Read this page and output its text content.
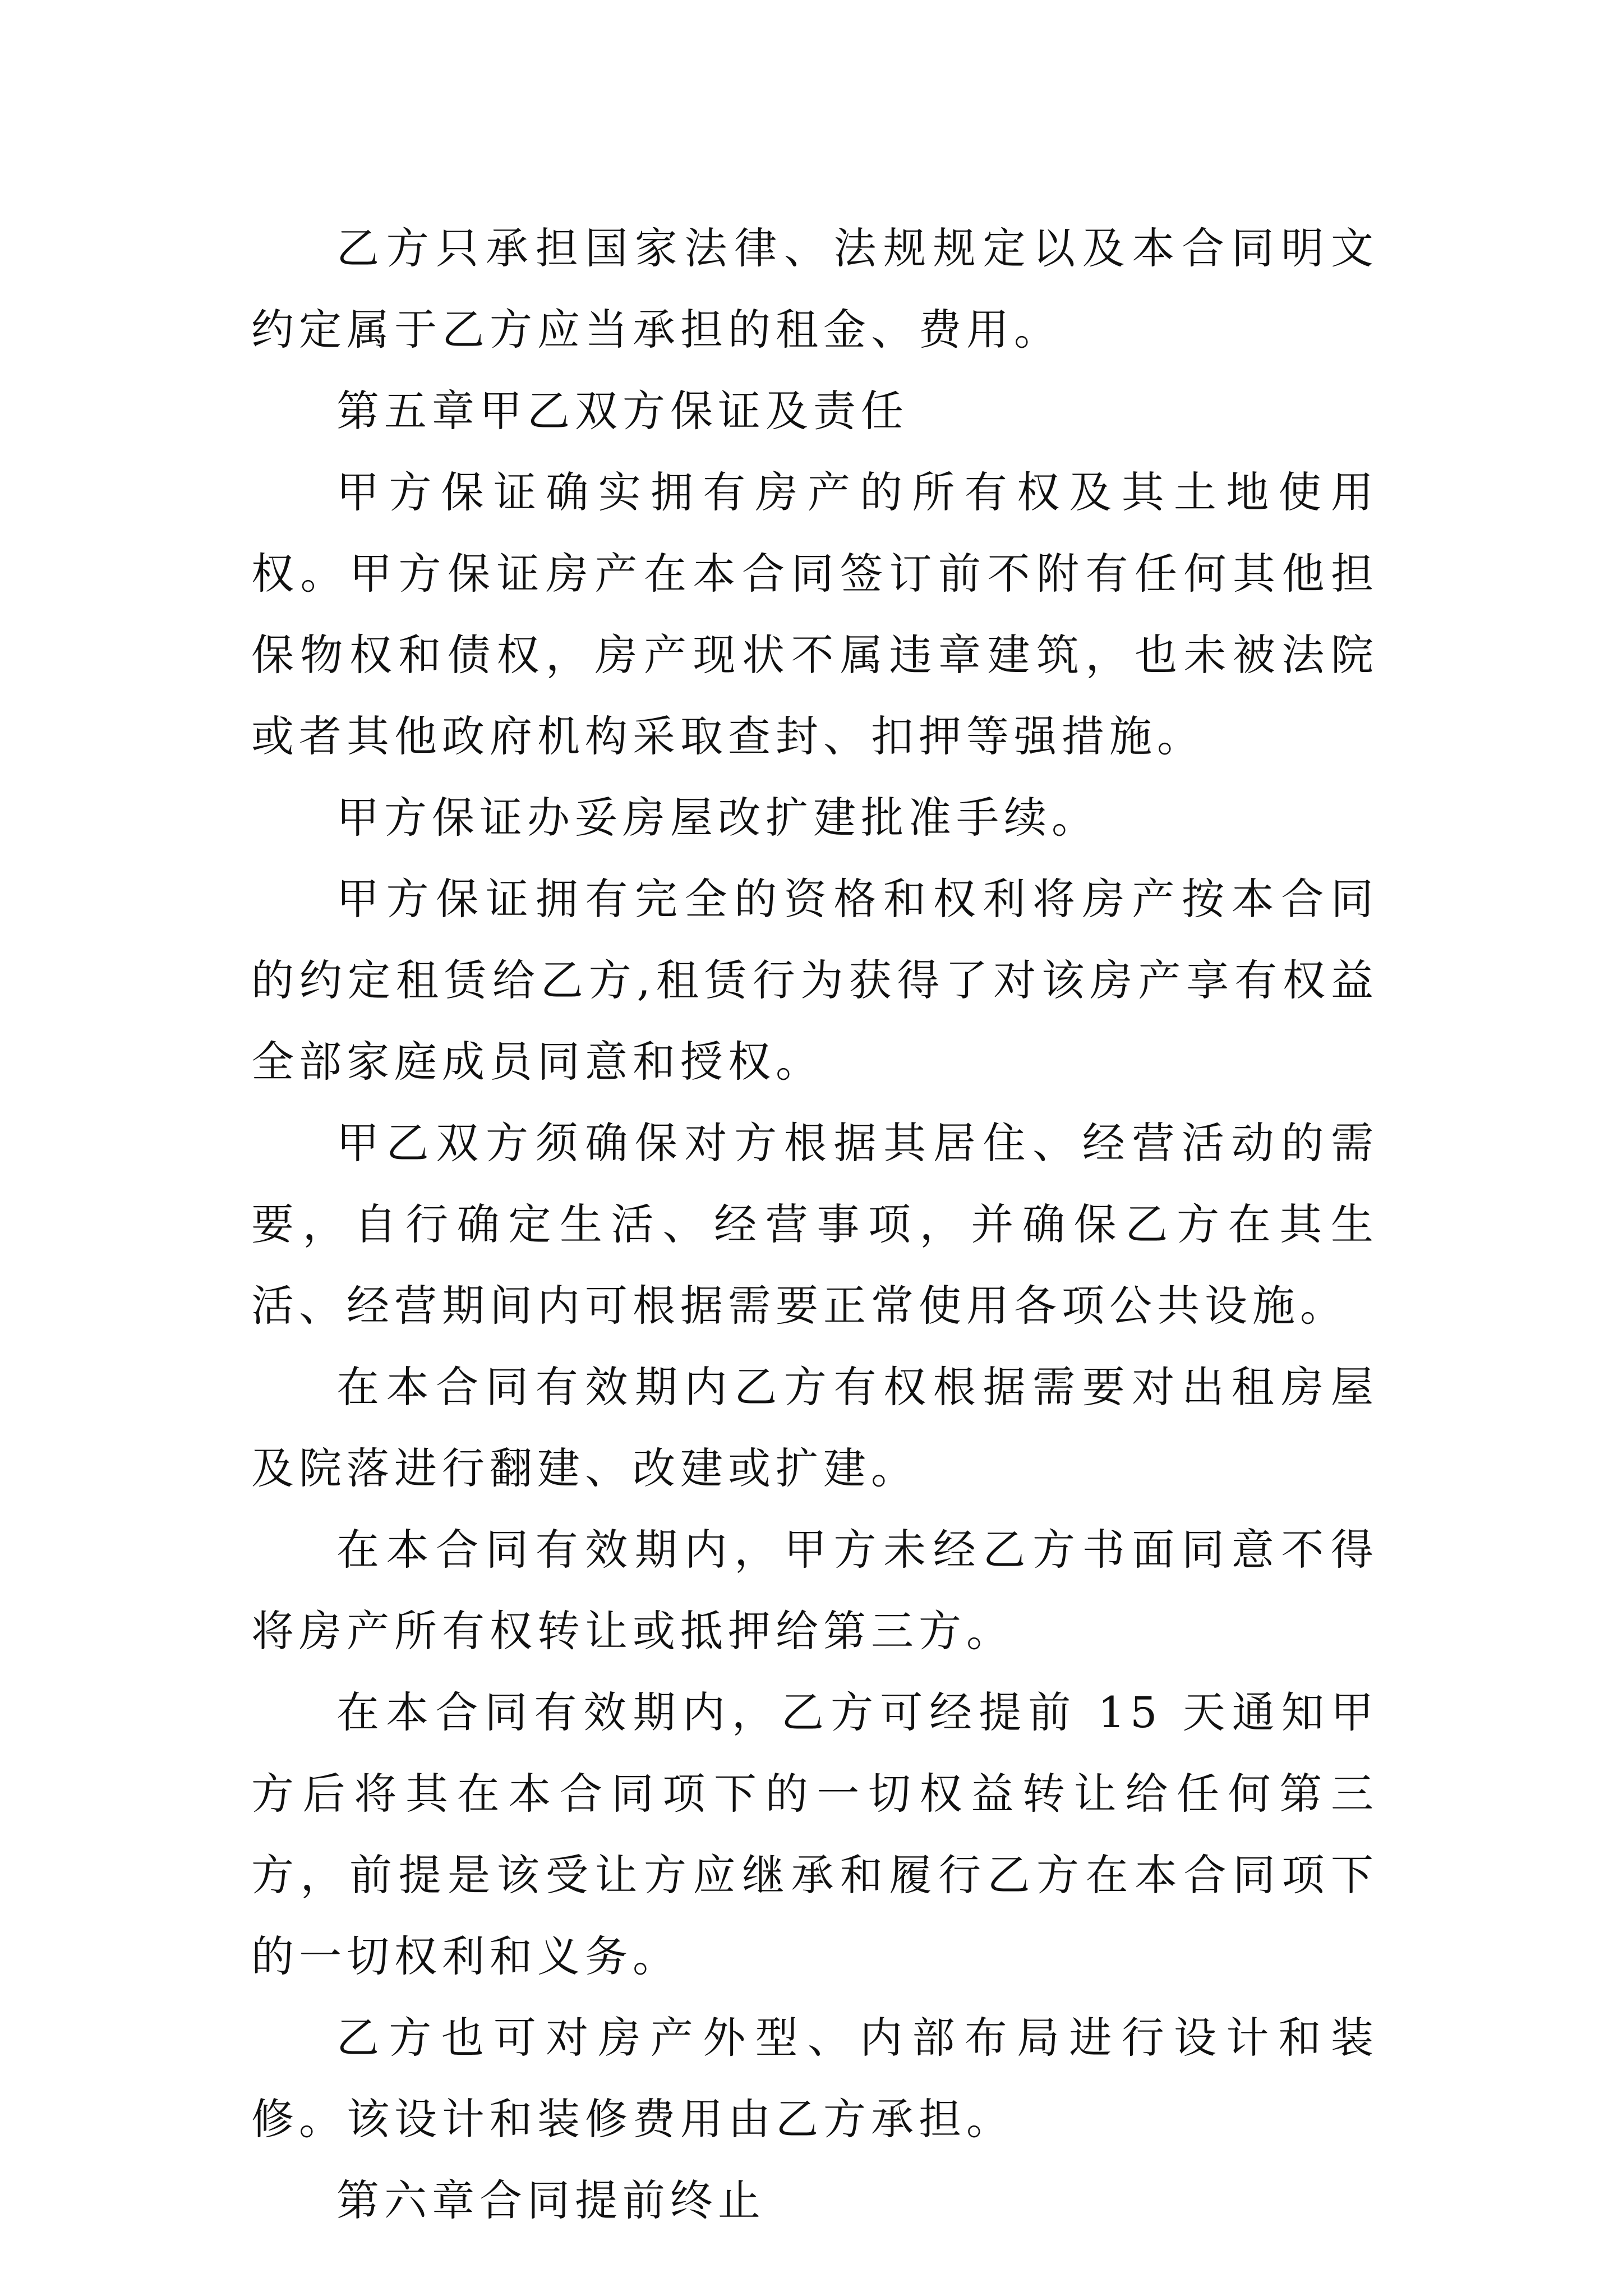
乙方只承担国家法律、法规规定以及本合同明文约定属于乙方应当承担的租金、费用。

第五章甲乙双方保证及责任

甲方保证确实拥有房产的所有权及其土地使用权。甲方保证房产在本合同签订前不附有任何其他担保物权和债权，房产现状不属违章建筑，也未被法院或者其他政府机构采取查封、扣押等强措施。

甲方保证办妥房屋改扩建批准手续。

甲方保证拥有完全的资格和权利将房产按本合同的约定租赁给乙方,租赁行为获得了对该房产享有权益全部家庭成员同意和授权。

甲乙双方须确保对方根据其居住、经营活动的需要，自行确定生活、经营事项，并确保乙方在其生活、经营期间内可根据需要正常使用各项公共设施。

在本合同有效期内乙方有权根据需要对出租房屋及院落进行翻建、改建或扩建。

在本合同有效期内，甲方未经乙方书面同意不得将房产所有权转让或抵押给第三方。

在本合同有效期内，乙方可经提前 15 天通知甲方后将其在本合同项下的一切权益转让给任何第三方，前提是该受让方应继承和履行乙方在本合同项下的一切权利和义务。

乙方也可对房产外型、内部布局进行设计和装修。该设计和装修费用由乙方承担。

第六章合同提前终止
